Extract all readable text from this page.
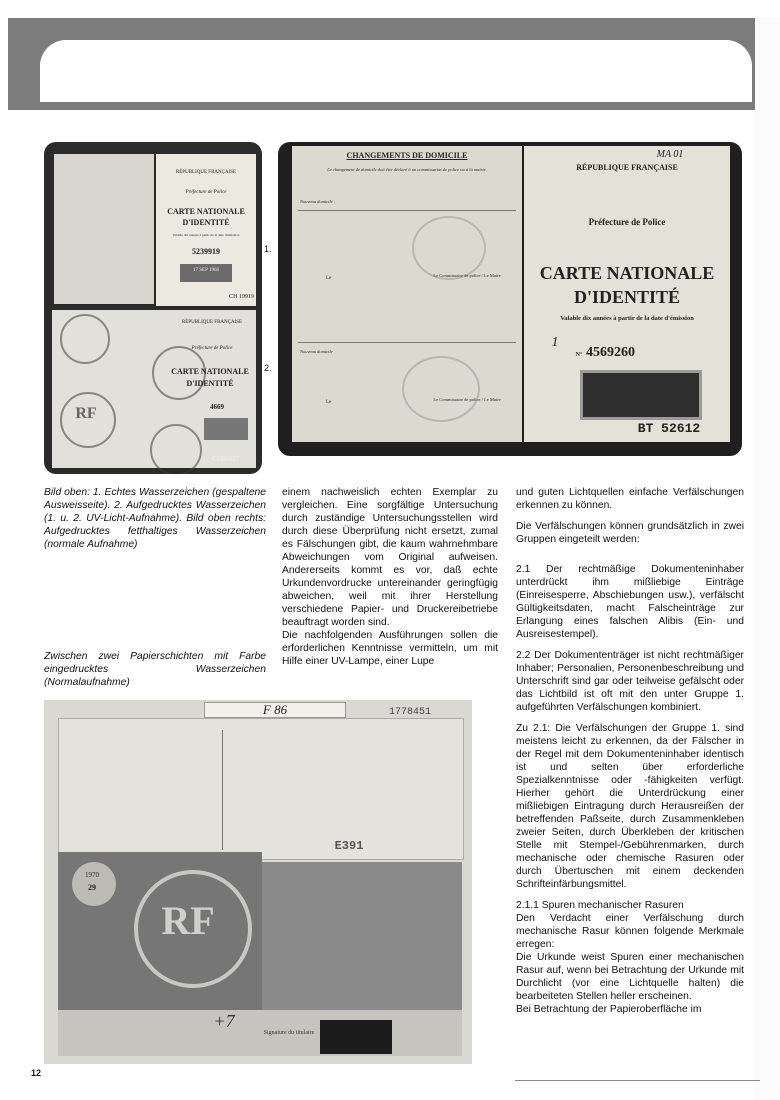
RÉPUBLIQUE FRANÇAISE
Préfecture de Police
CARTE NATIONALE
D'IDENTITÉ
Valable dix années à partir de la date d'émission
5239919
17 SEP 1966
CH 19919
RF
RÉPUBLIQUE FRANÇAISE
Préfecture de Police
CARTE NATIONALE
D'IDENTITÉ
4669
CH86927
1.
2.
CHANGEMENTS DE DOMICILE
Le changement de domicile doit être déclaré à un commissariat de police ou à la mairie.
Nouveau domicile :
Le
Le Commissaire de police / Le Maire
Nouveau domicile
Le
Le Commissaire de police / Le Maire
MA 01
RÉPUBLIQUE FRANÇAISE
Préfecture de Police
CARTE NATIONALE
D'IDENTITÉ
Valable dix années à partir de la date d'émission
1
N° 4569260
BT 52612
F 86	1778451
E391
1970
29
RF
+7
Signature du titulaire
Bild oben: 1. Echtes Wasserzeichen (gespaltene Ausweisseite). 2. Aufgedrucktes Wasserzeichen (1. u. 2. UV-Licht-Aufnahme). Bild oben rechts: Aufgedrucktes fetthaltiges Wasserzeichen (normale Aufnahme)
Zwischen zwei Papierschichten mit Farbe eingedrucktes Wasserzeichen (Normalaufnahme)

einem nachweislich echten Exemplar zu vergleichen. Eine sorgfältige Untersuchung durch zuständige Untersuchungsstellen wird durch diese Überprüfung nicht ersetzt, zumal es Fälschungen gibt, die kaum wahrnehmbare Abweichungen vom Original aufweisen. Andererseits kommt es vor, daß echte Urkundenvordrucke untereinander geringfügig abweichen, weil mit ihrer Herstellung verschiedene Papier- und Druckereibetriebe beauftragt worden sind.

Die nachfolgenden Ausführungen sollen die erforderlichen Kenntnisse vermitteln, um mit Hilfe einer UV-Lampe, einer Lupe

und guten Lichtquellen einfache Verfälschungen erkennen zu können.

Die Verfälschungen können grundsätzlich in zwei Gruppen eingeteilt werden:

2.1 Der rechtmäßige Dokumenteninhaber unterdrückt ihm mißliebige Einträge (Einreisesperre, Abschiebungen usw.), verfälscht Gültigkeitsdaten, macht Falscheinträge zur Erlangung eines falschen Alibis (Ein- und Ausreisestempel).

2.2 Der Dokumententräger ist nicht rechtmäßiger Inhaber; Personalien, Personenbeschreibung und Unterschrift sind gar oder teilweise gefälscht oder das Lichtbild ist oft mit den unter Gruppe 1. aufgeführten Verfälschungen kombiniert.

Zu 2.1: Die Verfälschungen der Gruppe 1. sind meistens leicht zu erkennen, da der Fälscher in der Regel mit dem Dokumenteninhaber identisch ist und selten über erforderliche Spezialkenntnisse oder -fähigkeiten verfügt. Hierher gehört die Unterdrückung einer mißliebigen Eintragung durch Herausreißen der betreffenden Paßseite, durch Zusammenkleben zweier Seiten, durch Überkleben der kritischen Stelle mit Stempel-/Gebührenmarken, durch mechanische oder chemische Rasuren oder durch Übertuschen mit einem deckenden Schrifteinfärbungsmittel.

2.1.1 Spuren mechanischer Rasuren

Den Verdacht einer Verfälschung durch mechanische Rasur können folgende Merkmale erregen:

Die Urkunde weist Spuren einer mechanischen Rasur auf, wenn bei Betrachtung der Urkunde mit Durchlicht (vor eine Lichtquelle halten) die bearbeiteten Stellen heller erscheinen.

Bei Betrachtung der Papieroberfläche im

12
